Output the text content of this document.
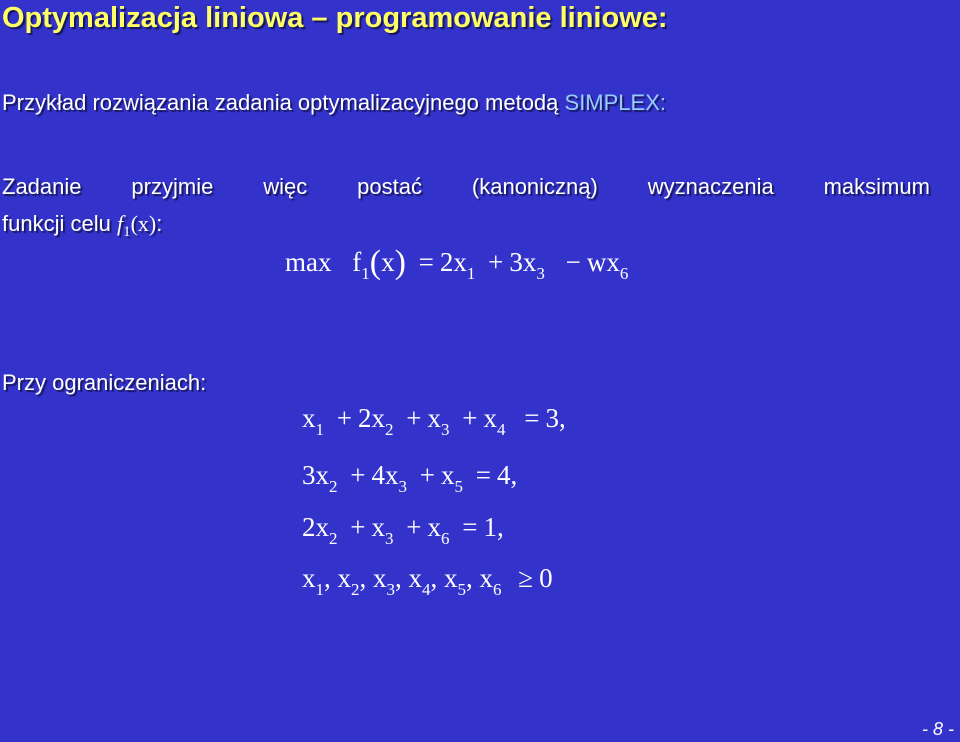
Optymalizacja liniowa – programowanie liniowe:
Przykład rozwiązania zadania optymalizacyjnego metodą SIMPLEX:
Zadanie przyjmie więc postać (kanoniczną) wyznaczenia maksimum
funkcji celu $f_1(x)$:
$\max f_1(x) = 2x_1 + 3x_3 - wx_6$
Przy ograniczeniach:
$x_1 + 2x_2 + x_3 + x_4 = 3$,
$3x_2 + 4x_3 + x_5 = 4$,
$2x_2 + x_3 + x_6 = 1$,
$x_1$, $x_2$, $x_3$, $x_4$, $x_5$, $x_6 \ge 0$
- 8 -
